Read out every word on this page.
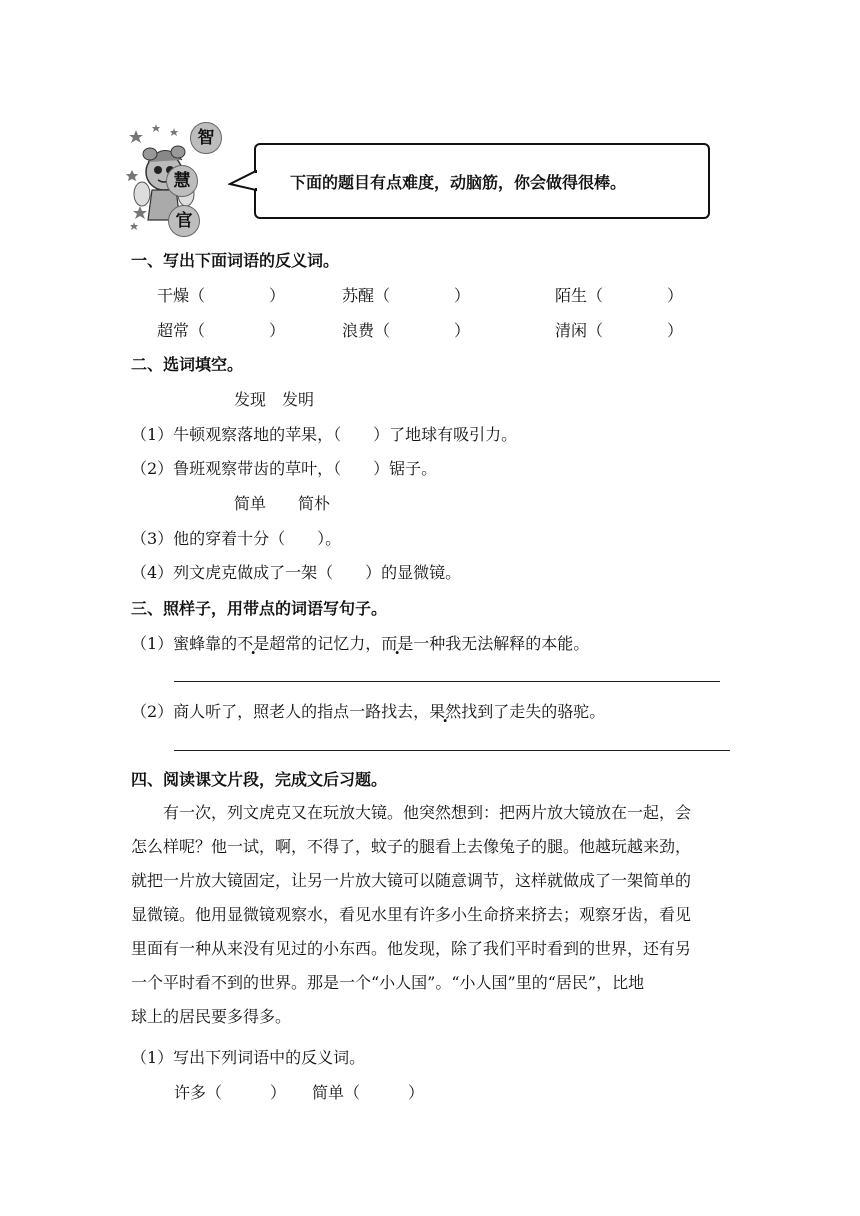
智
慧
官
下面的题目有点难度，动脑筋，你会做得很棒。
一、写出下面词语的反义词。
干燥（　　　　）	苏醒（　　　　）	陌生（　　　　）
超常（　　　　）	浪费（　　　　）	清闲（　　　　）
二、选词填空。
发现　发明
（1）牛顿观察落地的苹果，（　　）了地球有吸引力。
（2）鲁班观察带齿的草叶，（　　）锯子。
简单　　简朴
（3）他的穿着十分（　　）。
（4）列文虎克做成了一架（　　）的显微镜。
三、照样子，用带点的词语写句子。
（1）蜜蜂靠的不是超常的记忆力，而是一种我无法解释的本能。
（2）商人听了，照老人的指点一路找去，果然找到了走失的骆驼。
四、阅读课文片段，完成文后习题。
　　有一次，列文虎克又在玩放大镜。他突然想到：把两片放大镜放在一起，会
怎么样呢？他一试，啊，不得了，蚊子的腿看上去像兔子的腿。他越玩越来劲，
就把一片放大镜固定，让另一片放大镜可以随意调节，这样就做成了一架简单的
显微镜。他用显微镜观察水，看见水里有许多小生命挤来挤去；观察牙齿，看见
里面有一种从来没有见过的小东西。他发现，除了我们平时看到的世界，还有另
一个平时看不到的世界。那是一个“小人国”。“小人国”里的“居民”，比地
球上的居民要多得多。
（1）写出下列词语中的反义词。
许多（　　　） 简单（　　　）
